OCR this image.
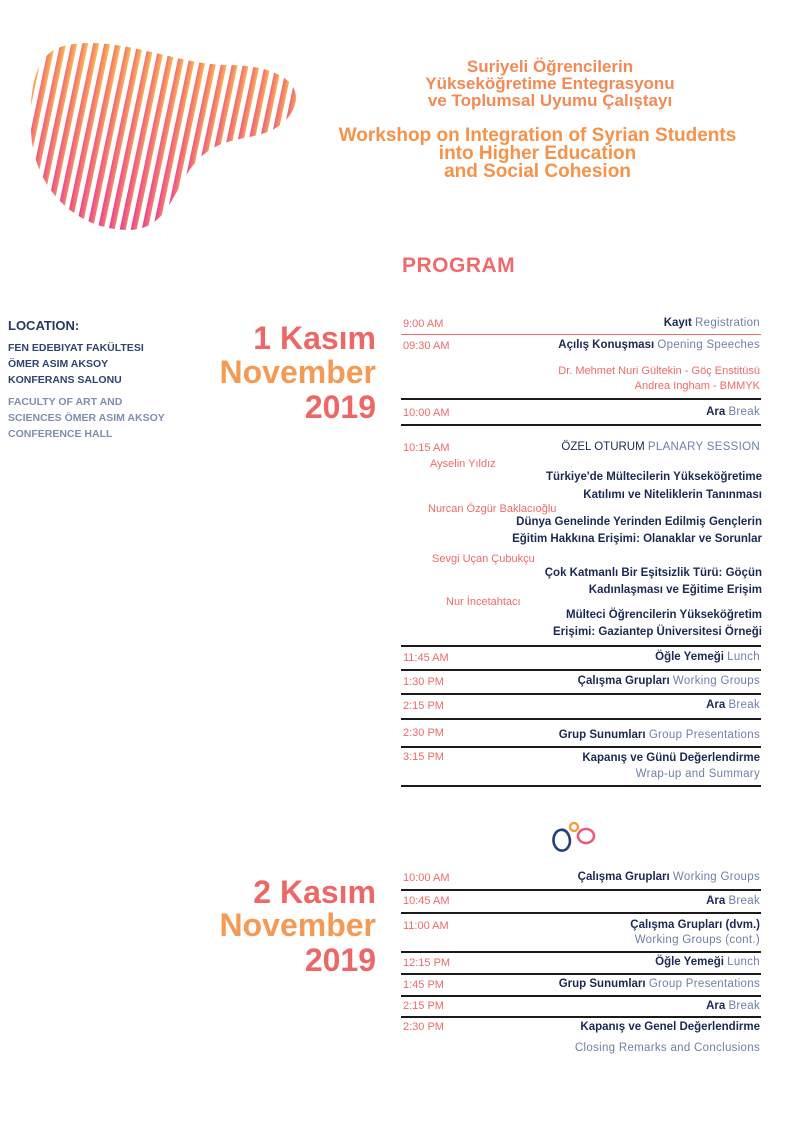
Suriyeli Öğrencilerin
Yükseköğretime Entegrasyonu
ve Toplumsal Uyumu Çalıştayı
Workshop on Integration of Syrian Students
into Higher Education
and Social Cohesion
PROGRAM
LOCATION:
FEN EDEBIYAT FAKÜLTESI
ÖMER ASIM AKSOY
KONFERANS SALONU
FACULTY OF ART AND
SCIENCES ÖMER ASIM AKSOY
CONFERENCE HALL
1 Kasım
November
2019
9:00 AM	Kayıt Registration
09:30 AM	Açılış Konuşması Opening Speeches
Dr. Mehmet Nuri Gültekin - Göç Enstitüsü
Andrea Ingham - BMMYK
10:00 AM	Ara Break
10:15 AM	ÖZEL OTURUM PLANARY SESSION
Ayselin Yıldız
Türkiye'de Mültecilerin Yükseköğretime
Katılımı ve Niteliklerin Tanınması
Nurcan Özgür Baklacıoğlu
Dünya Genelinde Yerinden Edilmiş Gençlerin
Eğitim Hakkına Erişimi: Olanaklar ve Sorunlar
Sevgi Uçan Çubukçu
Çok Katmanlı Bir Eşitsizlik Türü: Göçün
Kadınlaşması ve Eğitime Erişim
Nur İncetahtacı
Mülteci Öğrencilerin Yükseköğretim
Erişimi: Gaziantep Üniversitesi Örneği
11:45 AM	Öğle Yemeği Lunch
1:30 PM	Çalışma Grupları Working Groups
2:15 PM	Ara Break
2:30 PM	Grup Sunumları Group Presentations
3:15 PM	Kapanış ve Günü Değerlendirme
Wrap-up and Summary
2 Kasım
November
2019
10:00 AM	Çalışma Grupları Working Groups
10:45 AM	Ara Break
11:00 AM	Çalışma Grupları (dvm.)
Working Groups (cont.)
12:15 PM	Öğle Yemeği Lunch
1:45 PM	Grup Sunumları Group Presentations
2:15 PM	Ara Break
2:30 PM	Kapanış ve Genel Değerlendirme
Closing Remarks and Conclusions
